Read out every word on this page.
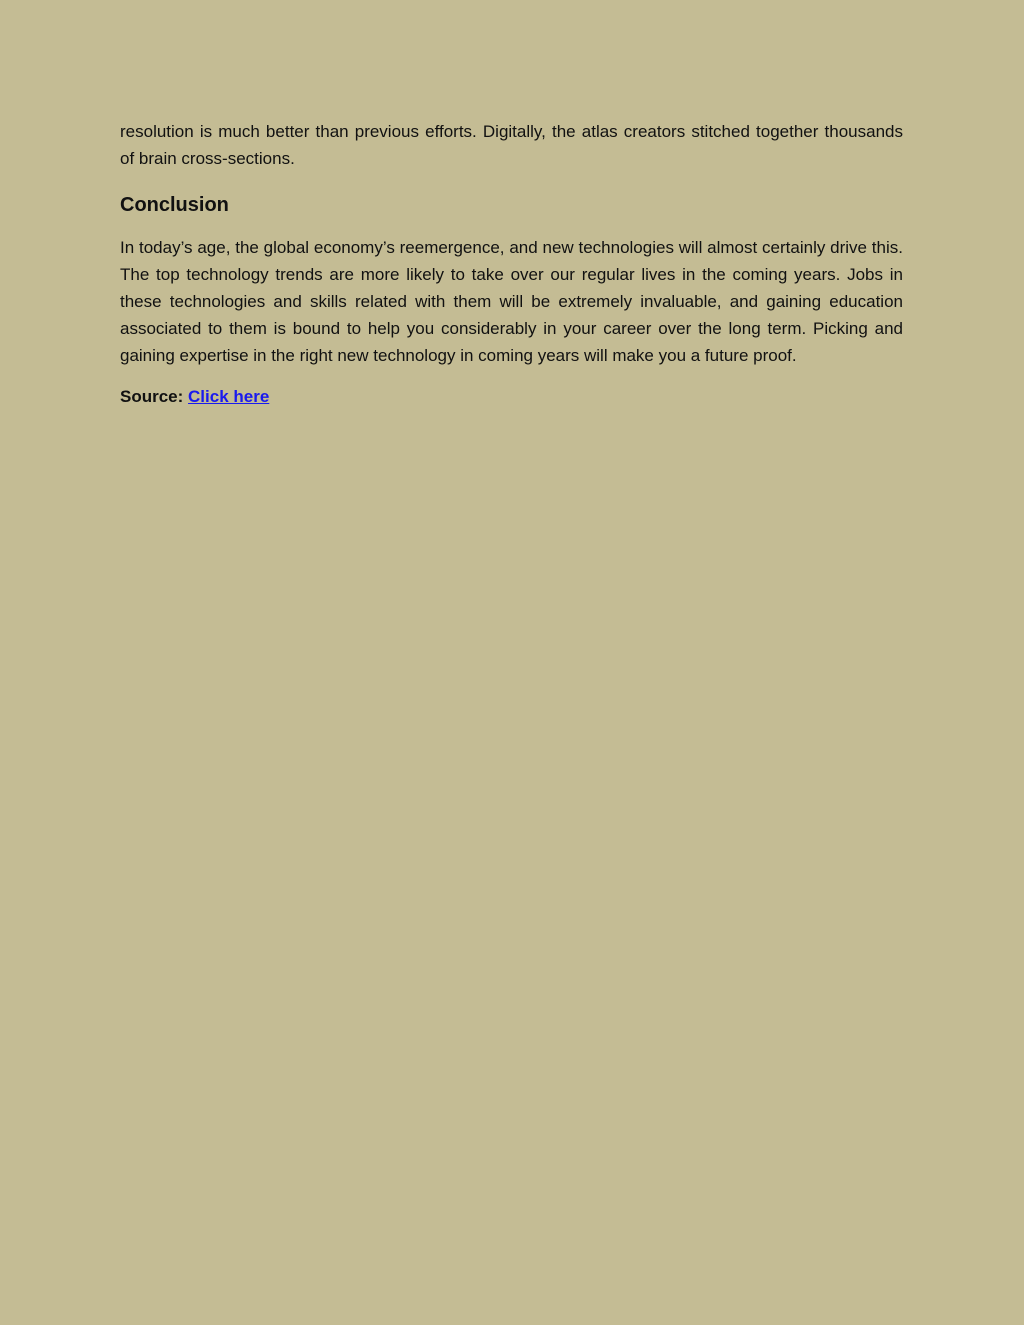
resolution is much better than previous efforts. Digitally, the atlas creators stitched together thousands of brain cross-sections.

Conclusion

In today’s age, the global economy’s reemergence, and new technologies will almost certainly drive this. The top technology trends are more likely to take over our regular lives in the coming years. Jobs in these technologies and skills related with them will be extremely invaluable, and gaining education associated to them is bound to help you considerably in your career over the long term. Picking and gaining expertise in the right new technology in coming years will make you a future proof.

Source: Click here
